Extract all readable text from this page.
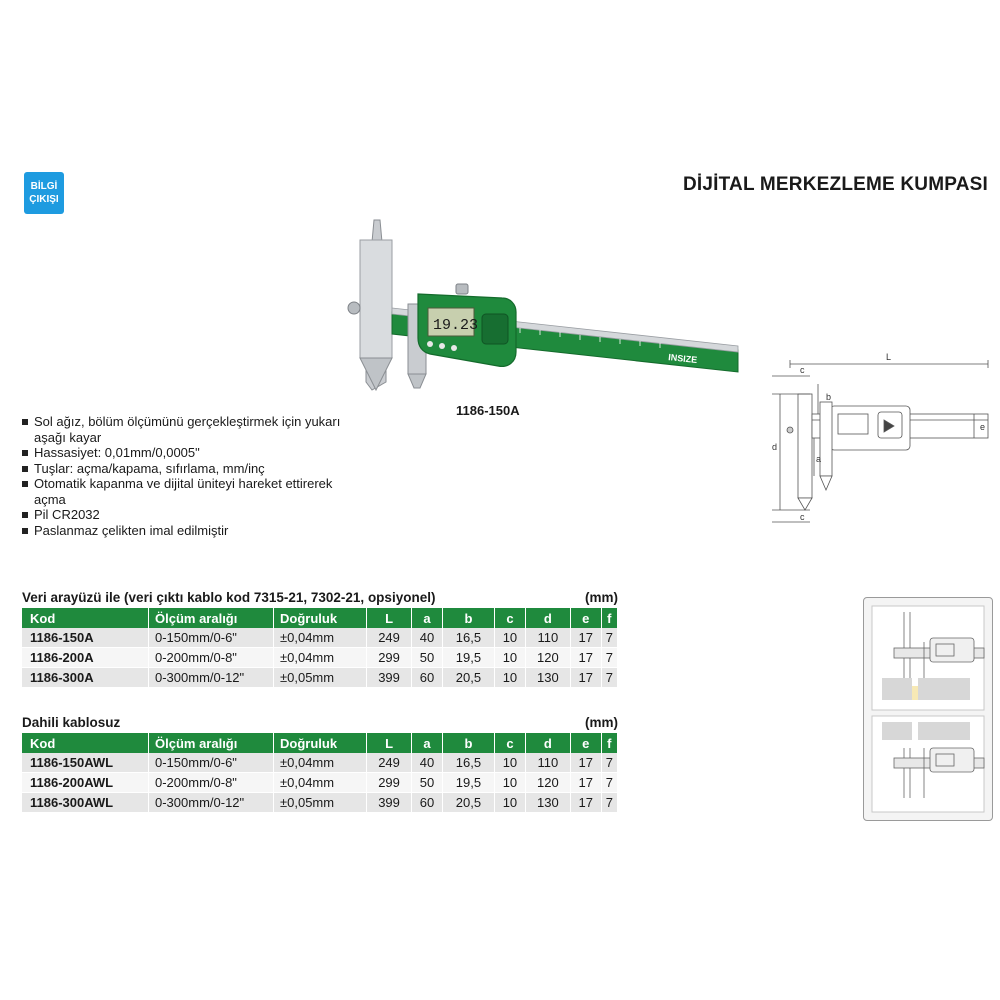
BİLGİ
ÇIKIŞI
DİJİTAL MERKEZLEME KUMPASI
INSIZE
19.23
1186-150A
Sol ağız, bölüm ölçümünü gerçekleştirmek için yukarı aşağı kayar
Hassasiyet: 0,01mm/0,0005"
Tuşlar: açma/kapama, sıfırlama, mm/inç
Otomatik kapanma ve dijital üniteyi hareket ettirerek açma
Pil CR2032
Paslanmaz çelikten imal edilmiştir
L
c
d
b
a
e
c
Veri arayüzü ile (veri çıktı kablo kod 7315-21, 7302-21, opsiyonel)	(mm)
Kod	Ölçüm aralığı	Doğruluk	L	a	b	c	d	e	f
1186-150A	0-150mm/0-6"	±0,04mm	249	40	16,5	10	110	17	7
1186-200A	0-200mm/0-8"	±0,04mm	299	50	19,5	10	120	17	7
1186-300A	0-300mm/0-12"	±0,05mm	399	60	20,5	10	130	17	7
Dahili kablosuz	(mm)
Kod	Ölçüm aralığı	Doğruluk	L	a	b	c	d	e	f
1186-150AWL	0-150mm/0-6"	±0,04mm	249	40	16,5	10	110	17	7
1186-200AWL	0-200mm/0-8"	±0,04mm	299	50	19,5	10	120	17	7
1186-300AWL	0-300mm/0-12"	±0,05mm	399	60	20,5	10	130	17	7
